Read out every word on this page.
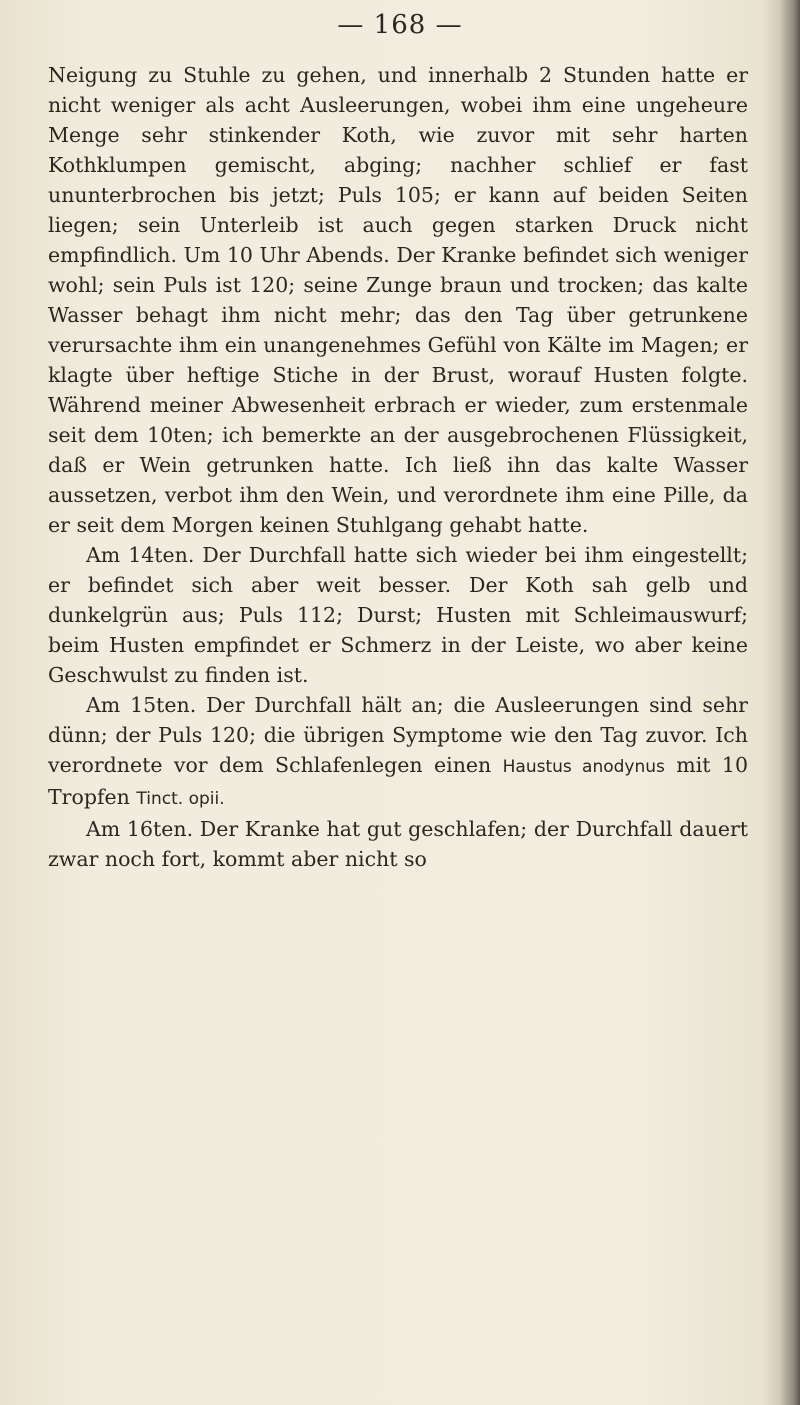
— 168 —

Neigung zu Stuhle zu gehen, und innerhalb 2 Stunden hatte er nicht weniger als acht Ausleerungen, wobei ihm eine ungeheure Menge sehr stinkender Koth, wie zuvor mit sehr harten Kothklumpen gemischt, abging; nachher schlief er fast ununterbrochen bis jetzt; Puls 105; er kann auf beiden Seiten liegen; sein Unterleib ist auch gegen starken Druck nicht empfindlich. Um 10 Uhr Abends. Der Kranke befindet sich weniger wohl; sein Puls ist 120; seine Zunge braun und trocken; das kalte Wasser behagt ihm nicht mehr; das den Tag über getrunkene verursachte ihm ein unangenehmes Gefühl von Kälte im Magen; er klagte über heftige Stiche in der Brust, worauf Husten folgte. Während meiner Abwesenheit erbrach er wieder, zum erstenmale seit dem 10ten; ich bemerkte an der ausgebrochenen Flüssigkeit, daß er Wein getrunken hatte. Ich ließ ihn das kalte Wasser aussetzen, verbot ihm den Wein, und verordnete ihm eine Pille, da er seit dem Morgen keinen Stuhlgang gehabt hatte.

Am 14ten. Der Durchfall hatte sich wieder bei ihm eingestellt; er befindet sich aber weit besser. Der Koth sah gelb und dunkelgrün aus; Puls 112; Durst; Husten mit Schleimauswurf; beim Husten empfindet er Schmerz in der Leiste, wo aber keine Geschwulst zu finden ist.

Am 15ten. Der Durchfall hält an; die Ausleerungen sind sehr dünn; der Puls 120; die übrigen Symptome wie den Tag zuvor. Ich verordnete vor dem Schlafenlegen einen Haustus anodynus mit 10 Tropfen Tinct. opii.

Am 16ten. Der Kranke hat gut geschlafen; der Durchfall dauert zwar noch fort, kommt aber nicht so
